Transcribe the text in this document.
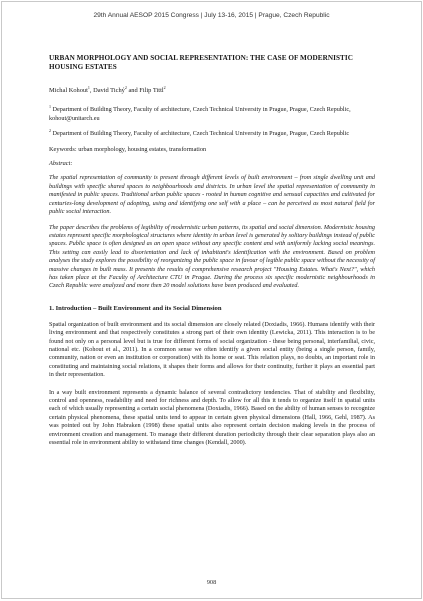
29th Annual AESOP 2015 Congress | July 13-16, 2015 | Prague, Czech Republic
URBAN MORPHOLOGY AND SOCIAL REPRESENTATION: THE CASE OF MODERNISTIC HOUSING ESTATES
Michal Kohout$^1$, David Tichý$^2$ and Filip Tittl$^2$
$^1$ Department of Building Theory, Faculty of architecture, Czech Technical University in Prague, Prague, Czech Republic, kohout@unitarch.eu
$^2$ Department of Building Theory, Faculty of architecture, Czech Technical University in Prague, Prague, Czech Republic
Keywords: urban morphology, housing estates, transformation
Abstract:
The spatial representation of community is present through different levels of built environment – from single dwelling unit and buildings with specific shared spaces to neighbourhoods and districts. In urban level the spatial representation of community in manifested in public spaces. Traditional urban public spaces - rooted in human cognitive and sensual capacities and cultivated for centuries-long development of adopting, using and identifying one self with a place – can be perceived as most natural field for public social interaction.
The paper describes the problems of legibility of modernistic urban patterns, its spatial and social dimension. Modernistic housing estates represent specific morphological structures where identity in urban level is generated by solitary buildings instead of public spaces. Public space is often designed as an open space without any specific content and with uniformly lacking social meanings. This setting can easily lead to disorientation and lack of inhabitant's identification with the environment. Based on problem analyses the study explores the possibility of reorganizing the public space in favour of legible public space without the necessity of massive changes in built mass. It presents the results of comprehensive research project "Housing Estates. What's Next?", which has taken place at the Faculty of Architecture CTU in Prague. During the process six specific modernistic neighbourhoods in Czech Republic were analyzed and more then 20 model solutions have been produced and evaluated.
1. Introduction – Built Environment and its Social Dimension
Spatial organization of built environment and its social dimension are closely related (Doxiadis, 1966). Humans identify with their living environment and that respectively constitutes a strong part of their own identity (Lewicka, 2011). This interaction is to be found not only on a personal level but is true for different forms of social organization - these being personal, interfamilial, civic, national etc. (Kohout et al., 2011). In a common sense we often identify a given social entity (being a single person, family, community, nation or even an institution or corporation) with its home or seat. This relation plays, no doubts, an important role in constituting and maintaining social relations, it shapes their forms and allows for their continuity, further it plays an essential part in their representation.
In a way built environment represents a dynamic balance of several contradictory tendencies. That of stability and flexibility, control and openness, readability and need for richness and depth. To allow for all this it tends to organize itself in spatial units each of which usually representing a certain social phenomena (Doxiadis, 1966). Based on the ability of human senses to recognize certain physical phenomena, these spatial units tend to appear in certain given physical dimensions (Hall, 1966, Gehl, 1987). As was pointed out by John Habraken (1998) these spatial units also represent certain decision making levels in the process of environment creation and management. To manage their different duration periodicity through their clear separation plays also an essential role in environment ability to withstand time changes (Kendall, 2000).
908
